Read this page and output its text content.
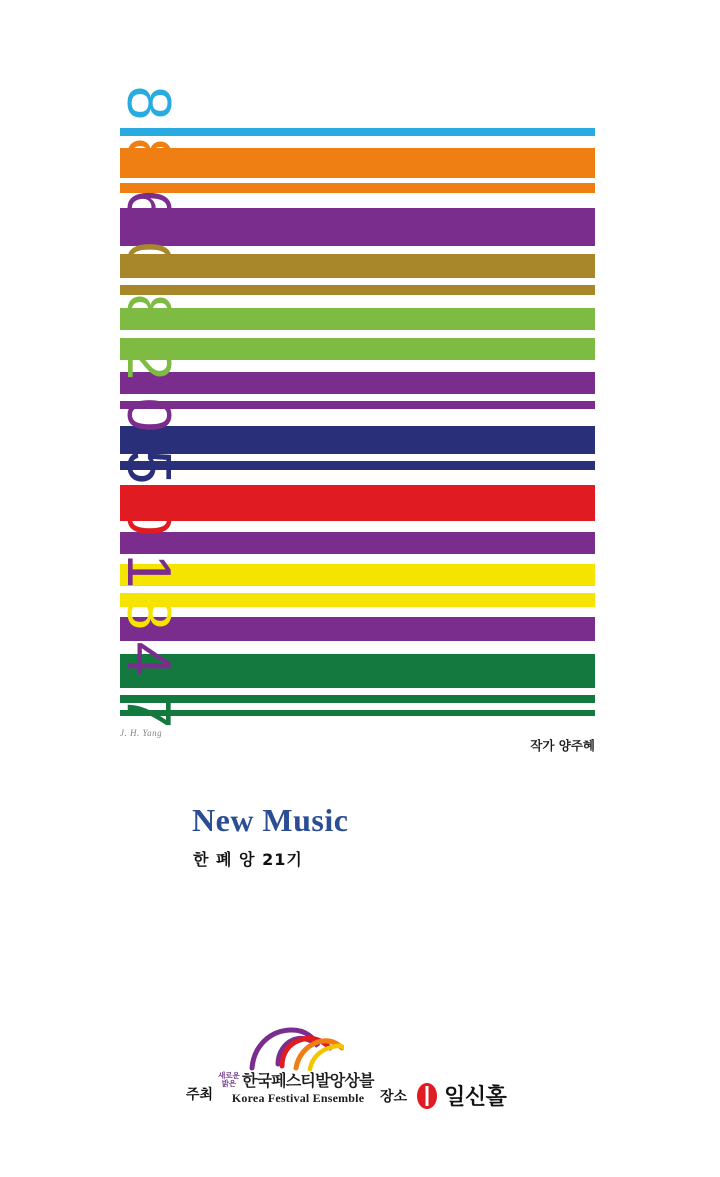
8
8
6
0
8
2
0
5
0
1
8
4
7
J. H. Yang
작가 양주혜
New Music
한 폐 앙 21기
주최
새로운
밝은 한국페스티발앙상블
Korea Festival Ensemble	장소 일신홀
